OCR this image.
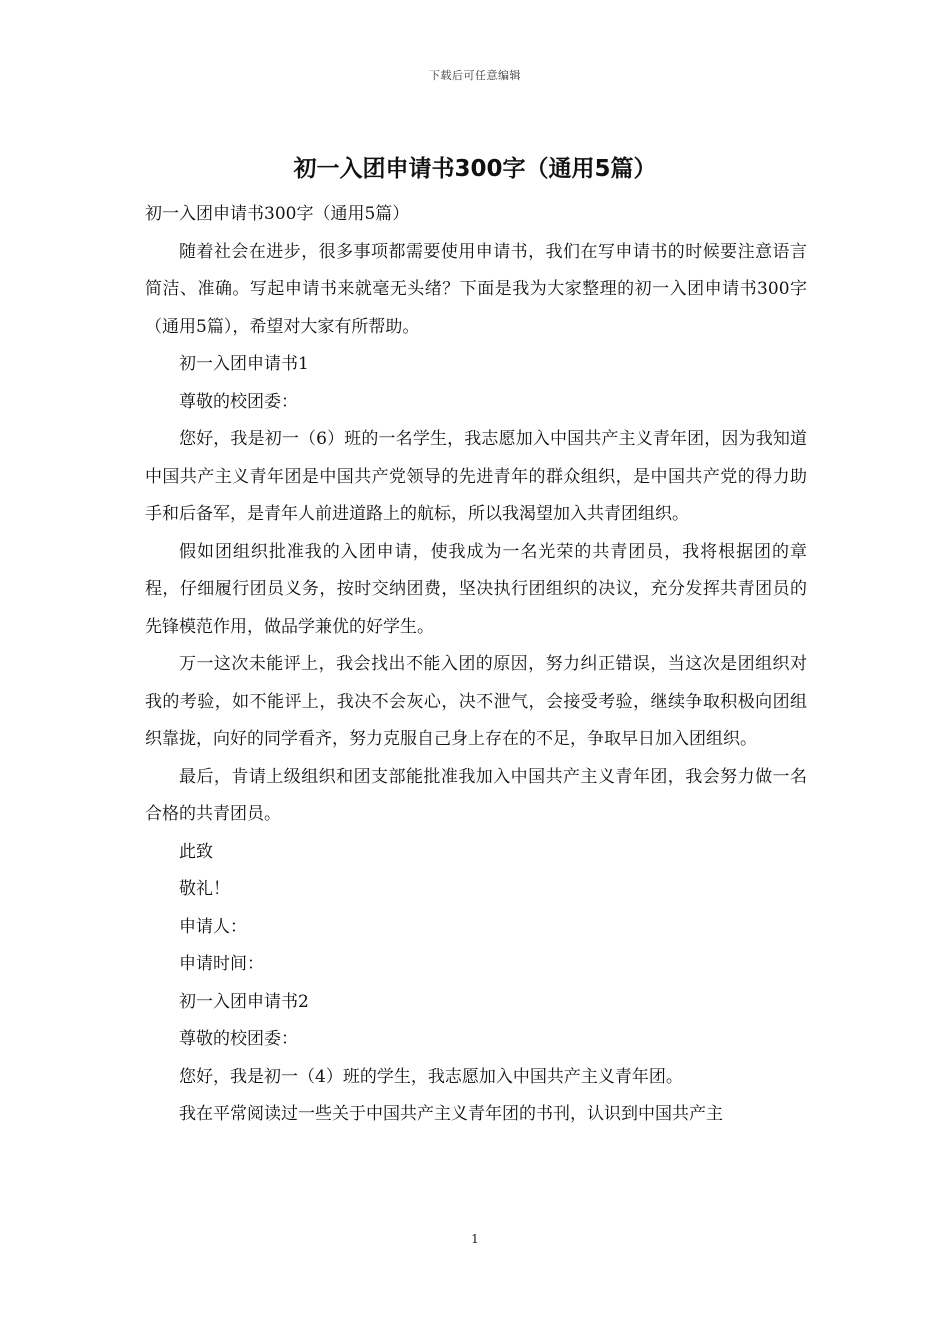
下载后可任意编辑
初一入团申请书300字（通用5篇）

初一入团申请书300字（通用5篇）

随着社会在进步，很多事项都需要使用申请书，我们在写申请书的时候要注意语言简洁、准确。写起申请书来就毫无头绪？下面是我为大家整理的初一入团申请书300字（通用5篇），希望对大家有所帮助。

初一入团申请书1

尊敬的校团委：

您好，我是初一（6）班的一名学生，我志愿加入中国共产主义青年团，因为我知道中国共产主义青年团是中国共产党领导的先进青年的群众组织，是中国共产党的得力助手和后备军，是青年人前进道路上的航标，所以我渴望加入共青团组织。

假如团组织批准我的入团申请，使我成为一名光荣的共青团员，我将根据团的章程，仔细履行团员义务，按时交纳团费，坚决执行团组织的决议，充分发挥共青团员的先锋模范作用，做品学兼优的好学生。

万一这次未能评上，我会找出不能入团的原因，努力纠正错误，当这次是团组织对我的考验，如不能评上，我决不会灰心，决不泄气，会接受考验，继续争取积极向团组织靠拢，向好的同学看齐，努力克服自己身上存在的不足，争取早日加入团组织。

最后，肯请上级组织和团支部能批准我加入中国共产主义青年团，我会努力做一名合格的共青团员。

此致

敬礼！

申请人：

申请时间：

初一入团申请书2

尊敬的校团委：

您好，我是初一（4）班的学生，我志愿加入中国共产主义青年团。

我在平常阅读过一些关于中国共产主义青年团的书刊，认识到中国共产主

1
